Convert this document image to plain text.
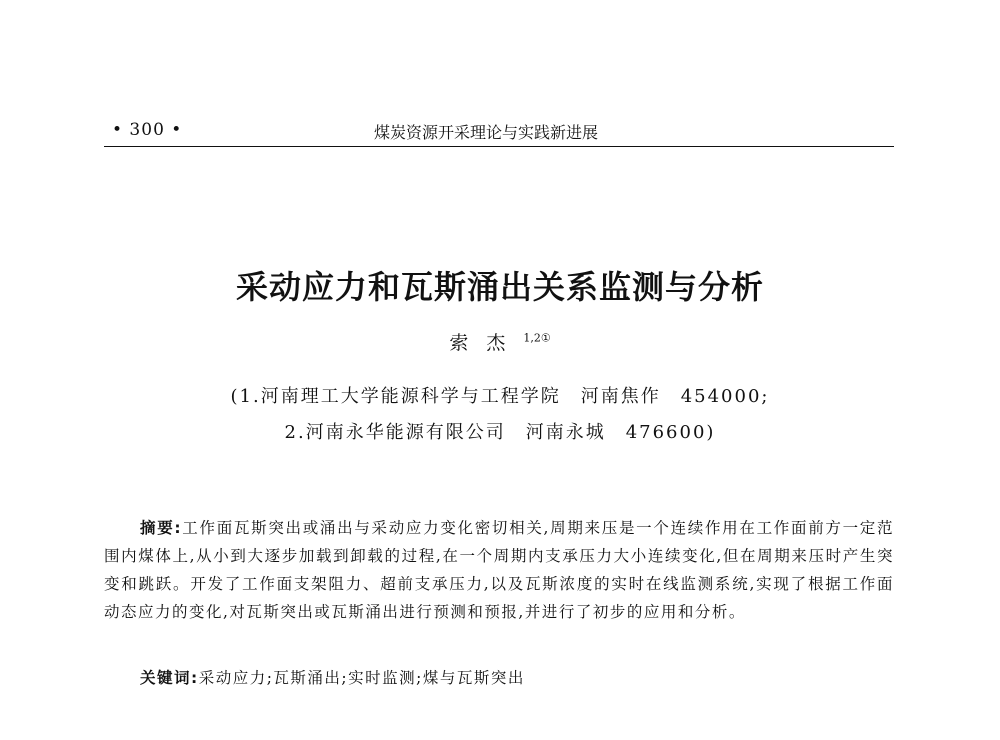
• 300 •	煤炭资源开采理论与实践新进展
采动应力和瓦斯涌出关系监测与分析
索杰$^{1,2①}$
(1.河南理工大学能源科学与工程学院　河南焦作　454000;
2.河南永华能源有限公司　河南永城　476600)
摘要:工作面瓦斯突出或涌出与采动应力变化密切相关,周期来压是一个连续作用在工作面前方一定范围内煤体上,从小到大逐步加载到卸载的过程,在一个周期内支承压力大小连续变化,但在周期来压时产生突变和跳跃。开发了工作面支架阻力、超前支承压力,以及瓦斯浓度的实时在线监测系统,实现了根据工作面动态应力的变化,对瓦斯突出或瓦斯涌出进行预测和预报,并进行了初步的应用和分析。
关键词:采动应力;瓦斯涌出;实时监测;煤与瓦斯突出
